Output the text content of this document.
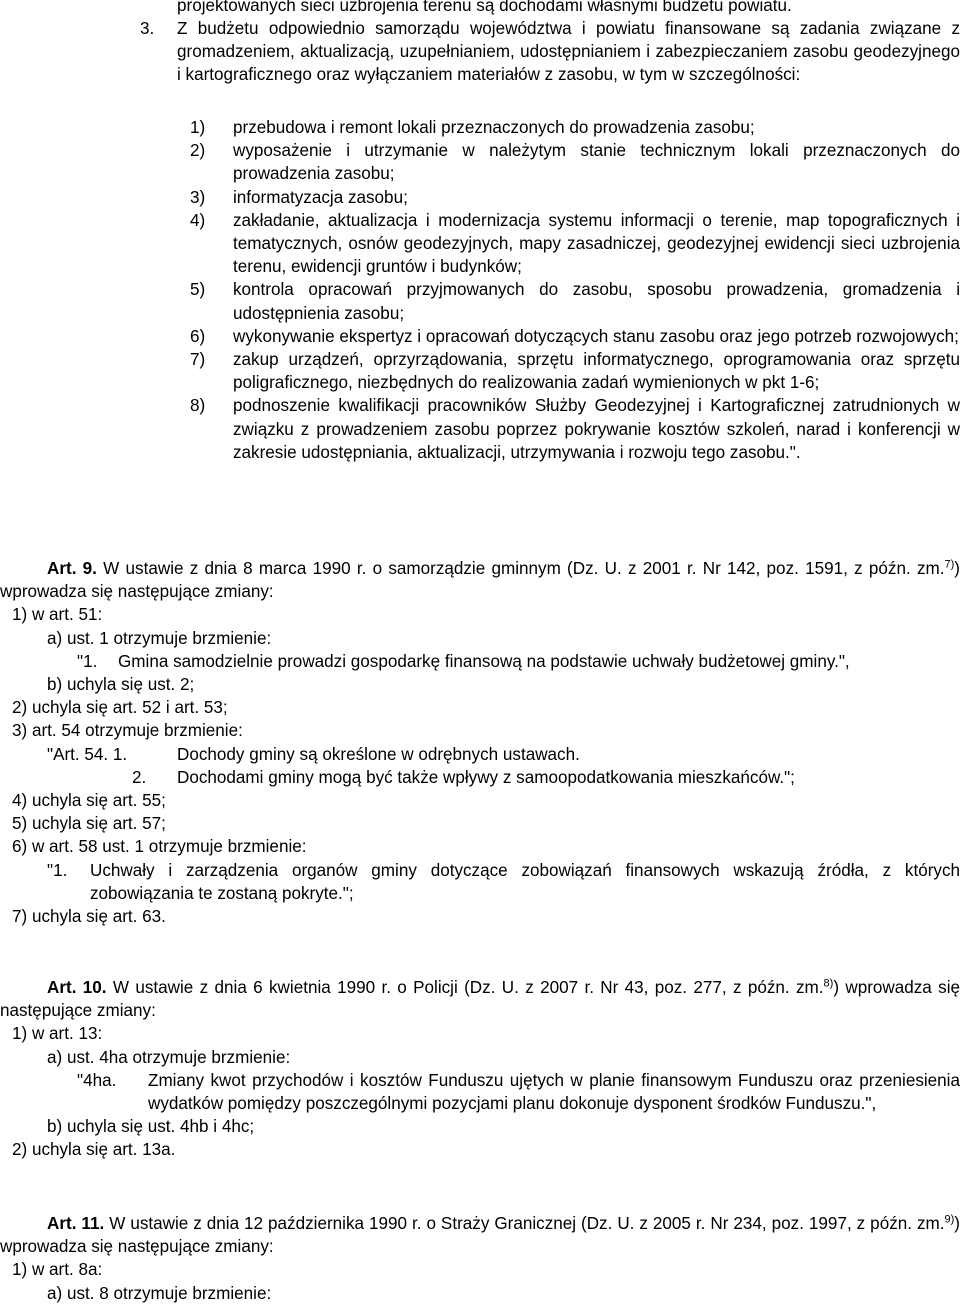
projektowanych sieci uzbrojenia terenu są dochodami własnymi budżetu powiatu.
3.	Z budżetu odpowiednio samorządu województwa i powiatu finansowane są zadania związane z gromadzeniem, aktualizacją, uzupełnianiem, udostępnianiem i zabezpieczaniem zasobu geodezyjnego i kartograficznego oraz wyłączaniem materiałów z zasobu, w tym w szczególności:
1)	przebudowa i remont lokali przeznaczonych do prowadzenia zasobu;
2)	wyposażenie i utrzymanie w należytym stanie technicznym lokali przeznaczonych do prowadzenia zasobu;
3)	informatyzacja zasobu;
4)	zakładanie, aktualizacja i modernizacja systemu informacji o terenie, map topograficznych i tematycznych, osnów geodezyjnych, mapy zasadniczej, geodezyjnej ewidencji sieci uzbrojenia terenu, ewidencji gruntów i budynków;
5)	kontrola opracowań przyjmowanych do zasobu, sposobu prowadzenia, gromadzenia i udostępnienia zasobu;
6)	wykonywanie ekspertyz i opracowań dotyczących stanu zasobu oraz jego potrzeb rozwojowych;
7)	zakup urządzeń, oprzyrządowania, sprzętu informatycznego, oprogramowania oraz sprzętu poligraficznego, niezbędnych do realizowania zadań wymienionych w pkt 1-6;
8)	podnoszenie kwalifikacji pracowników Służby Geodezyjnej i Kartograficznej zatrudnionych w związku z prowadzeniem zasobu poprzez pokrywanie kosztów szkoleń, narad i konferencji w zakresie udostępniania, aktualizacji, utrzymywania i rozwoju tego zasobu.".

Art. 9. W ustawie z dnia 8 marca 1990 r. o samorządzie gminnym (Dz. U. z 2001 r. Nr 142, poz. 1591, z późn. zm.$^{7)}$) wprowadza się następujące zmiany:

1) w art. 51:
a) ust. 1 otrzymuje brzmienie:
"1.	Gmina samodzielnie prowadzi gospodarkę finansową na podstawie uchwały budżetowej gminy.",
b) uchyla się ust. 2;
2) uchyla się art. 52 i art. 53;
3) art. 54 otrzymuje brzmienie:
"Art. 54. 1.	Dochody gminy są określone w odrębnych ustawach.
2.	Dochodami gminy mogą być także wpływy z samoopodatkowania mieszkańców.";
4) uchyla się art. 55;
5) uchyla się art. 57;
6) w art. 58 ust. 1 otrzymuje brzmienie:
"1.	Uchwały i zarządzenia organów gminy dotyczące zobowiązań finansowych wskazują źródła, z których zobowiązania te zostaną pokryte.";
7) uchyla się art. 63.

Art. 10. W ustawie z dnia 6 kwietnia 1990 r. o Policji (Dz. U. z 2007 r. Nr 43, poz. 277, z późn. zm.$^{8)}$) wprowadza się następujące zmiany:

1) w art. 13:
a) ust. 4ha otrzymuje brzmienie:
"4ha.	Zmiany kwot przychodów i kosztów Funduszu ujętych w planie finansowym Funduszu oraz przeniesienia wydatków pomiędzy poszczególnymi pozycjami planu dokonuje dysponent środków Funduszu.",
b) uchyla się ust. 4hb i 4hc;
2) uchyla się art. 13a.

Art. 11. W ustawie z dnia 12 października 1990 r. o Straży Granicznej (Dz. U. z 2005 r. Nr 234, poz. 1997, z późn. zm.$^{9)}$) wprowadza się następujące zmiany:

1) w art. 8a:
a) ust. 8 otrzymuje brzmienie:
